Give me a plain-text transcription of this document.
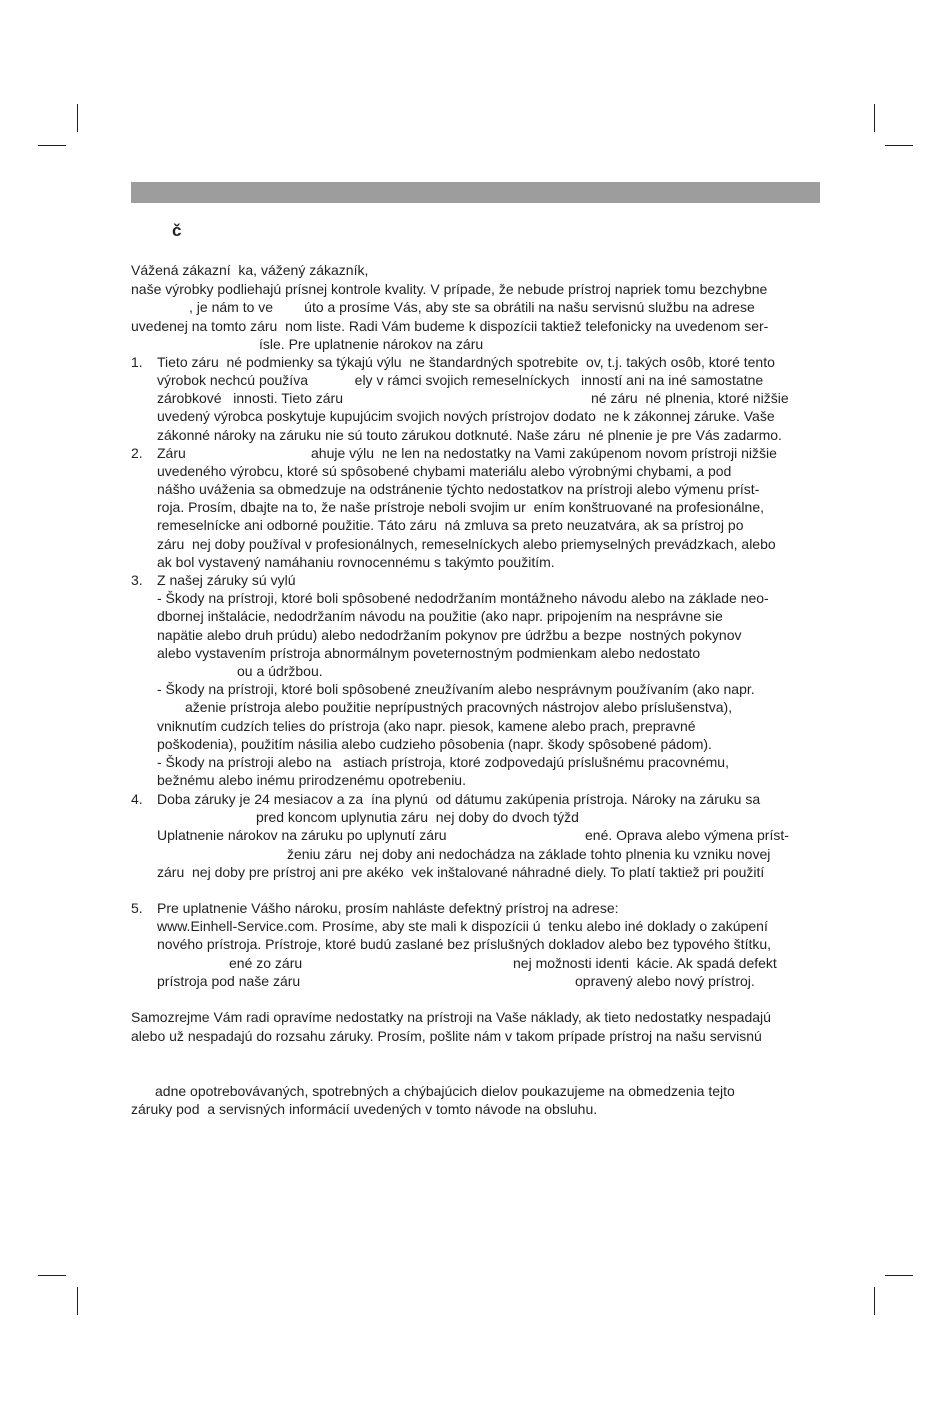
č
Vážená zákazní  ka, vážený zákazník,
naše výrobky podliehajú prísnej kontrole kvality. V prípade, že nebude prístroj napriek tomu bezchybne
, je nám to ve        úto a prosíme Vás, aby ste sa obrátili na našu servisnú službu na adrese
uvedenej na tomto záru  nom liste. Radi Vám budeme k dispozícii taktiež telefonicky na uvedenom ser-
ísle. Pre uplatnenie nárokov na záru
1. Tieto záru  né podmienky sa týkajú výlu  ne štandardných spotrebite  ov, t.j. takých osôb, ktoré tento
výrobok nechcú používa            ely v rámci svojich remeselníckych   inností ani na iné samostatne
zárobkové   innosti. Tieto záru	né záru  né plnenia, ktoré nižšie
uvedený výrobca poskytuje kupujúcim svojich nových prístrojov dodato  ne k zákonnej záruke. Vaše
zákonné nároky na záruku nie sú touto zárukou dotknuté. Naše záru  né plnenie je pre Vás zadarmo.
2. Záru	ahuje výlu  ne len na nedostatky na Vami zakúpenom novom prístroji nižšie
uvedeného výrobcu, ktoré sú spôsobené chybami materiálu alebo výrobnými chybami, a pod
nášho uváženia sa obmedzuje na odstránenie týchto nedostatkov na prístroji alebo výmenu príst-
roja. Prosím, dbajte na to, že naše prístroje neboli svojim ur  ením konštruované na profesionálne,
remeselnícke ani odborné použitie. Táto záru  ná zmluva sa preto neuzatvára, ak sa prístroj po
záru  nej doby používal v profesionálnych, remeselníckych alebo priemyselných prevádzkach, alebo
ak bol vystavený namáhaniu rovnocennému s takýmto použitím.
3. Z našej záruky sú vylú
- Škody na prístroji, ktoré boli spôsobené nedodržaním montážneho návodu alebo na základe neo-
dbornej inštalácie, nedodržaním návodu na použitie (ako napr. pripojením na nesprávne sie
napätie alebo druh prúdu) alebo nedodržaním pokynov pre údržbu a bezpe  nostných pokynov
alebo vystavením prístroja abnormálnym poveternostným podmienkam alebo nedostato
ou a údržbou.
- Škody na prístroji, ktoré boli spôsobené zneužívaním alebo nesprávnym používaním (ako napr.
aženie prístroja alebo použitie neprípustných pracovných nástrojov alebo príslušenstva),
vniknutím cudzích telies do prístroja (ako napr. piesok, kamene alebo prach, prepravné
poškodenia), použitím násilia alebo cudzieho pôsobenia (napr. škody spôsobené pádom).
- Škody na prístroji alebo na   astiach prístroja, ktoré zodpovedajú príslušnému pracovnému,
bežnému alebo inému prirodzenému opotrebeniu.
4. Doba záruky je 24 mesiacov a za  ína plynú  od dátumu zakúpenia prístroja. Nároky na záruku sa
pred koncom uplynutia záru  nej doby do dvoch týžd
Uplatnenie nárokov na záruku po uplynutí záru	ené. Oprava alebo výmena príst-
ženiu záru  nej doby ani nedochádza na základe tohto plnenia ku vzniku novej
záru  nej doby pre prístroj ani pre akéko  vek inštalované náhradné diely. To platí taktiež pri použití
5. Pre uplatnenie Vášho nároku, prosím nahláste defektný prístroj na adrese:
www.Einhell-Service.com. Prosíme, aby ste mali k dispozícii ú  tenku alebo iné doklady o zakúpení
nového prístroja. Prístroje, ktoré budú zaslané bez príslušných dokladov alebo bez typového štítku,
ené zo záru	nej možnosti identi  kácie. Ak spadá defekt
prístroja pod naše záru	opravený alebo nový prístroj.
Samozrejme Vám radi opravíme nedostatky na prístroji na Vaše náklady, ak tieto nedostatky nespadajú
alebo už nespadajú do rozsahu záruky. Prosím, pošlite nám v takom prípade prístroj na našu servisnú
adne opotrebovávaných, spotrebných a chýbajúcich dielov poukazujeme na obmedzenia tejto
záruky pod  a servisných informácií uvedených v tomto návode na obsluhu.
